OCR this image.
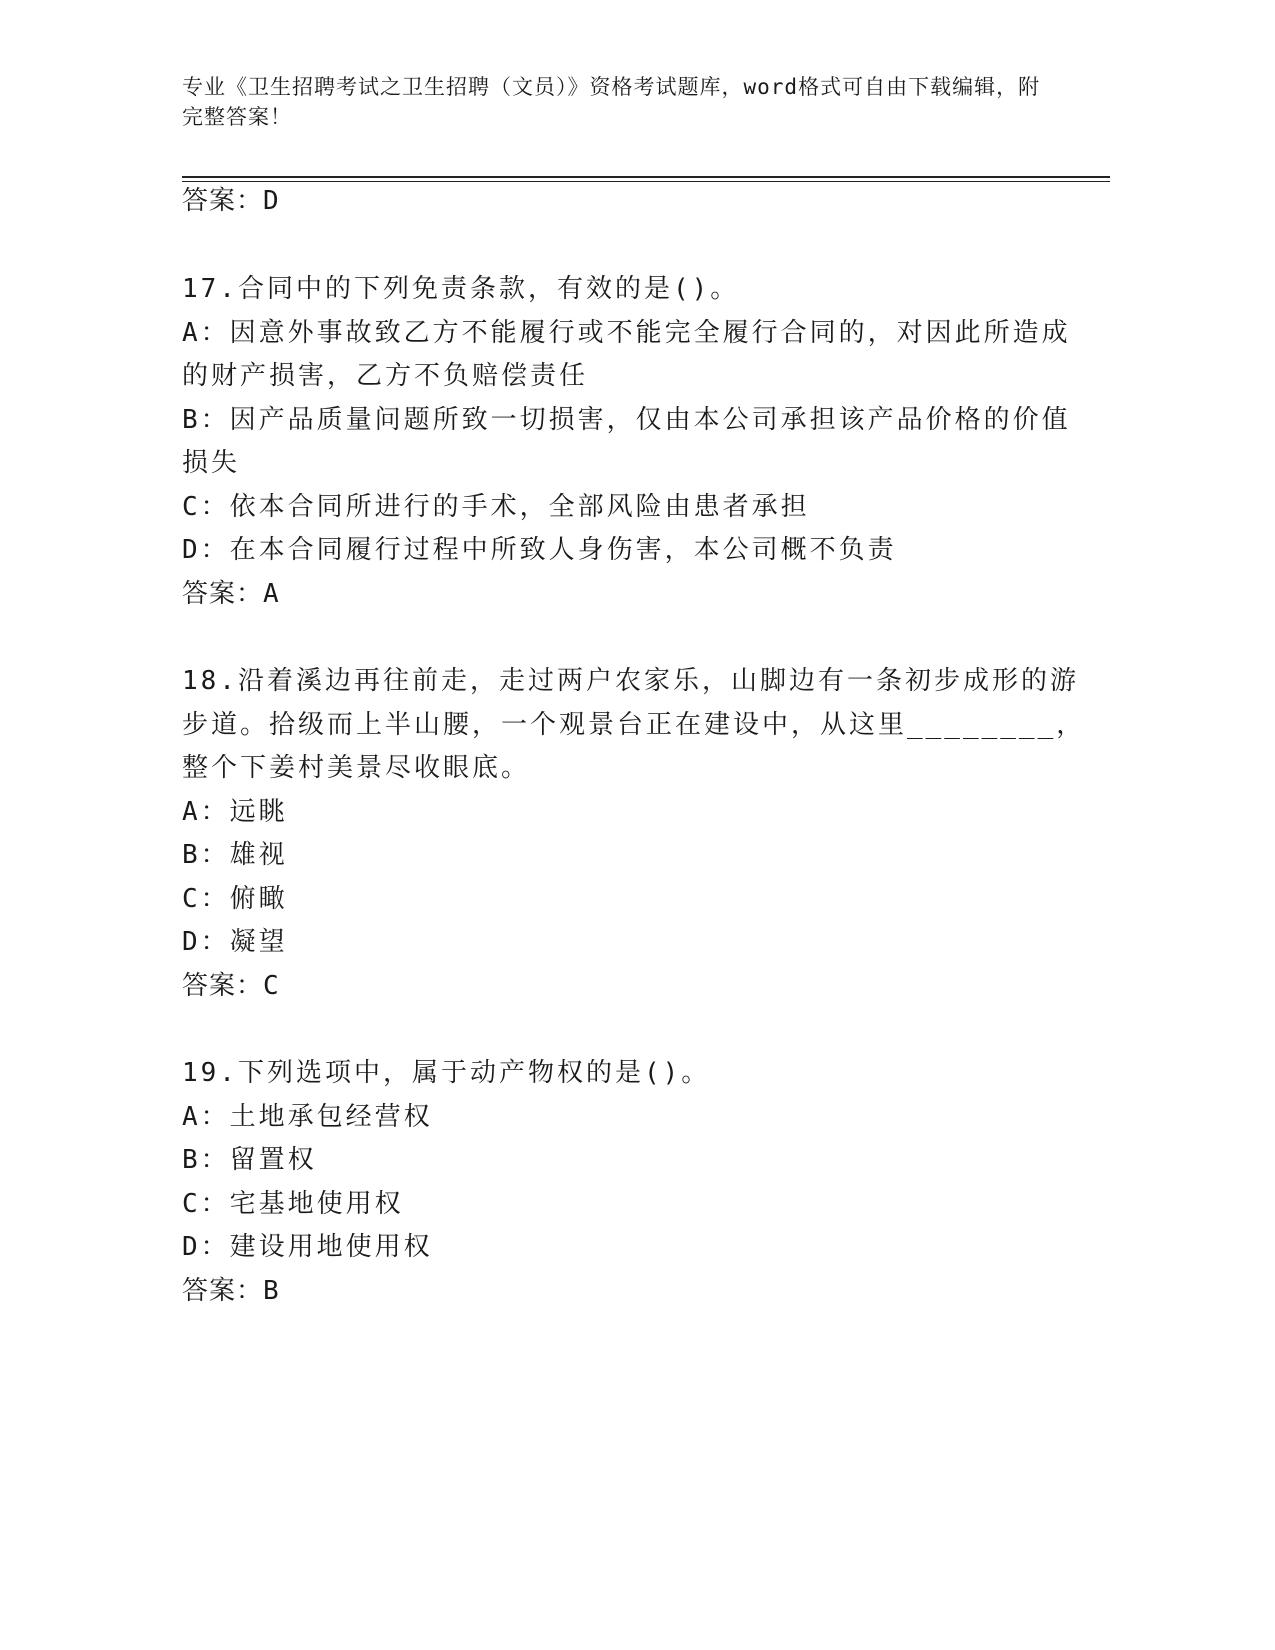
专业《卫生招聘考试之卫生招聘（文员）》资格考试题库，word格式可自由下载编辑，附完整答案！
答案：D
17.合同中的下列免责条款，有效的是()。
A：因意外事故致乙方不能履行或不能完全履行合同的，对因此所造成
的财产损害，乙方不负赔偿责任
B：因产品质量问题所致一切损害，仅由本公司承担该产品价格的价值
损失
C：依本合同所进行的手术，全部风险由患者承担
D：在本合同履行过程中所致人身伤害，本公司概不负责
答案：A
18.沿着溪边再往前走，走过两户农家乐，山脚边有一条初步成形的游
步道。拾级而上半山腰，一个观景台正在建设中，从这里________，
整个下姜村美景尽收眼底。
A：远眺
B：雄视
C：俯瞰
D：凝望
答案：C
19.下列选项中，属于动产物权的是()。
A：土地承包经营权
B：留置权
C：宅基地使用权
D：建设用地使用权
答案：B
